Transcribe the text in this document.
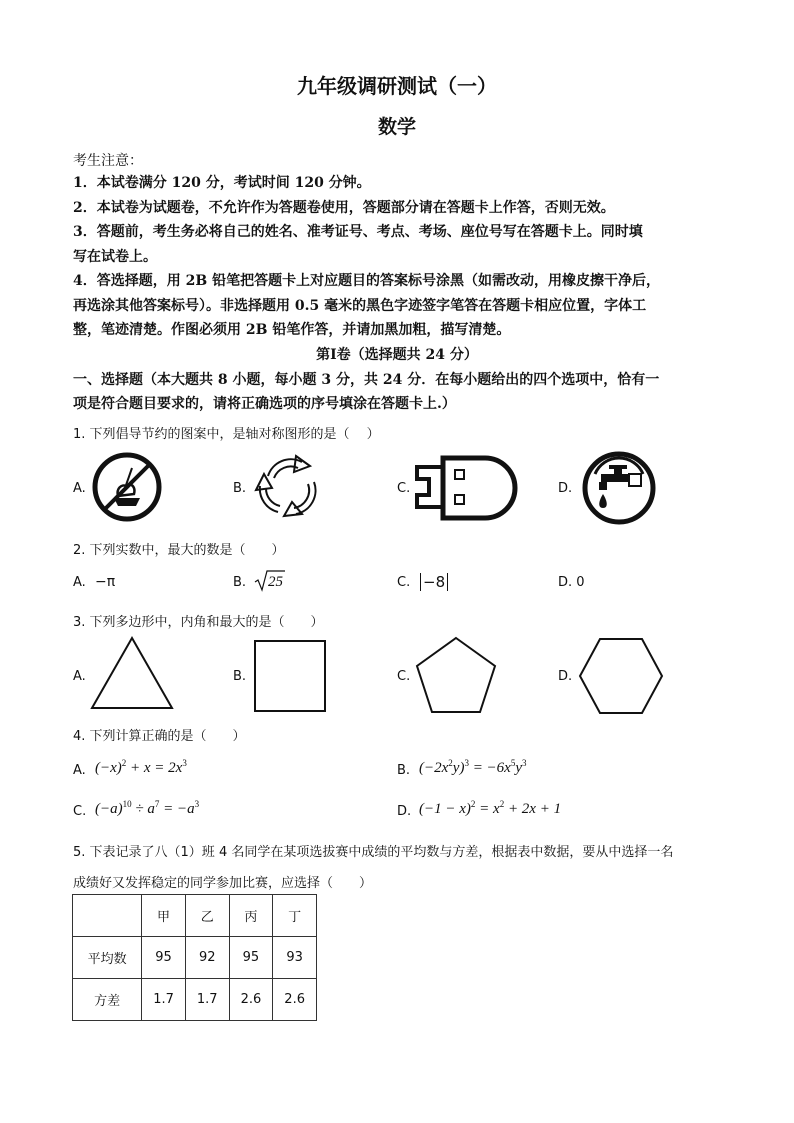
九年级调研测试（一）
数学
考生注意：
1．本试卷满分 120 分，考试时间 120 分钟。
2．本试卷为试题卷，不允许作为答题卷使用，答题部分请在答题卡上作答，否则无效。
3．答题前，考生务必将自己的姓名、准考证号、考点、考场、座位号写在答题卡上。同时填
写在试卷上。
4．答选择题，用 2B 铅笔把答题卡上对应题目的答案标号涂黑（如需改动，用橡皮擦干净后，
再选涂其他答案标号）。非选择题用 0.5 毫米的黑色字迹签字笔答在答题卡相应位置，字体工
整，笔迹清楚。作图必须用 2B 铅笔作答，并请加黑加粗，描写清楚。
第Ⅰ卷（选择题共 24 分）
一、选择题（本大题共 8 小题，每小题 3 分，共 24 分．在每小题给出的四个选项中，恰有一
项是符合题目要求的，请将正确选项的序号填涂在答题卡上.）
1. 下列倡导节约的图案中，是轴对称图形的是（　 ）
A.	B.	C.	D.
2. 下列实数中，最大的数是（　　）
A. −π	B. 25	C. −8	D. 0
3. 下列多边形中，内角和最大的是（　　）
A.	B.	C.	D.
4. 下列计算正确的是（　　）
A. $(-x)^2 + x = 2x^3$	B. $(-2x^2y)^3 = -6x^5y^3$
C. $(-a)^{10} \div a^7 = -a^3$	D. $(-1 - x)^2 = x^2 + 2x + 1$
5. 下表记录了八（1）班 4 名同学在某项选拔赛中成绩的平均数与方差，根据表中数据，要从中选择一名
成绩好又发挥稳定的同学参加比赛，应选择（　　）
	甲	乙	丙	丁
平均数	95	92	95	93
方差	1.7	1.7	2.6	2.6
